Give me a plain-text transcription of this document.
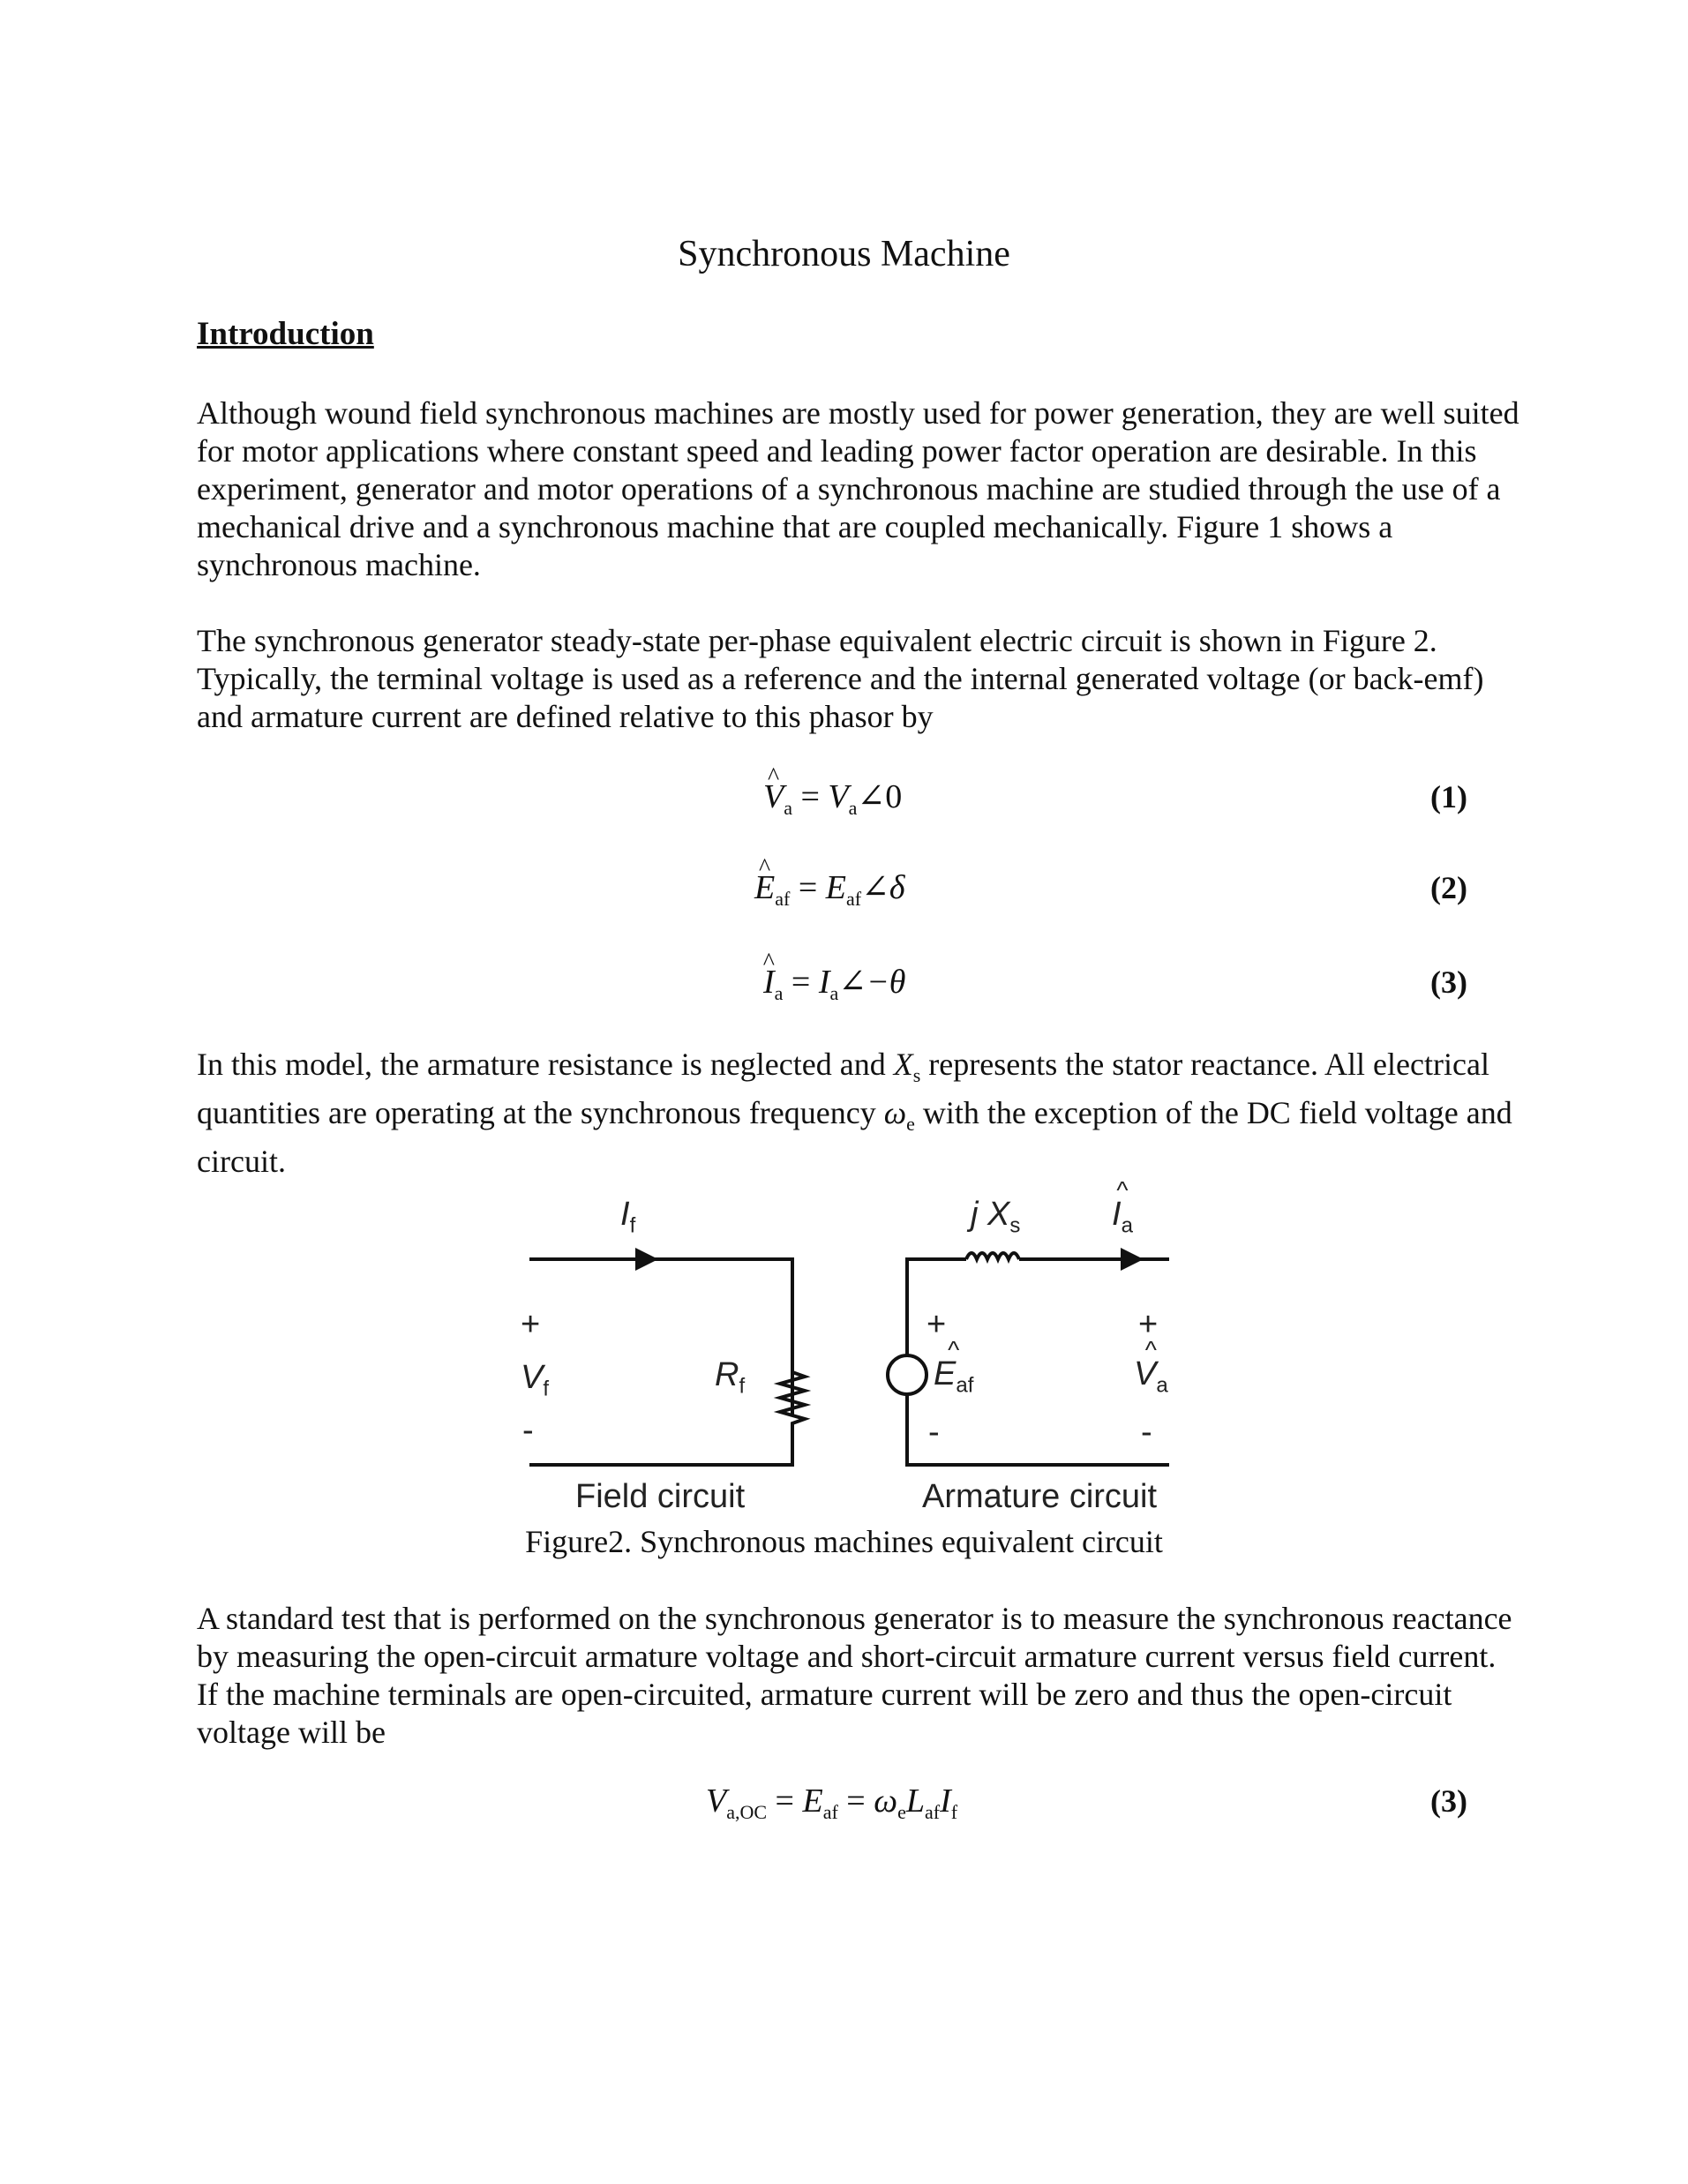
Synchronous Machine
Introduction
Although wound field synchronous machines are mostly used for power generation, they are well suited for motor applications where constant speed and leading power factor operation are desirable. In this experiment, generator and motor operations of a synchronous machine are studied through the use of a mechanical drive and a synchronous machine that are coupled mechanically. Figure 1 shows a synchronous machine.
The synchronous generator steady-state per-phase equivalent electric circuit is shown in Figure 2. Typically, the terminal voltage is used as a reference and the internal generated voltage (or back-emf) and armature current are defined relative to this phasor by
^ $V_a$ = $V_a\angle 0$	(1)
^ $E_{af}$ = $E_{af}\angle\delta$	(2)
^ $I_a$ = $I_a\angle-\theta$	(3)
In this model, the armature resistance is neglected and $X_s$ represents the stator reactance. All electrical quantities are operating at the synchronous frequency $\omega_e$ with the exception of the DC field voltage and circuit.
$I_f$
+
$V_f$	$R_f$
-
j $X_s$	^ $I_a$
+	+
^ $E_{af}$	^ $V_a$
-	-
Field circuit	Armature circuit
Figure2. Synchronous machines equivalent circuit
A standard test that is performed on the synchronous generator is to measure the synchronous reactance by measuring the open-circuit armature voltage and short-circuit armature current versus field current. If the machine terminals are open-circuited, armature current will be zero and thus the open-circuit voltage will be
$V_{a,OC} = E_{af} = \omega_eL_{af}I_f$	(3)
